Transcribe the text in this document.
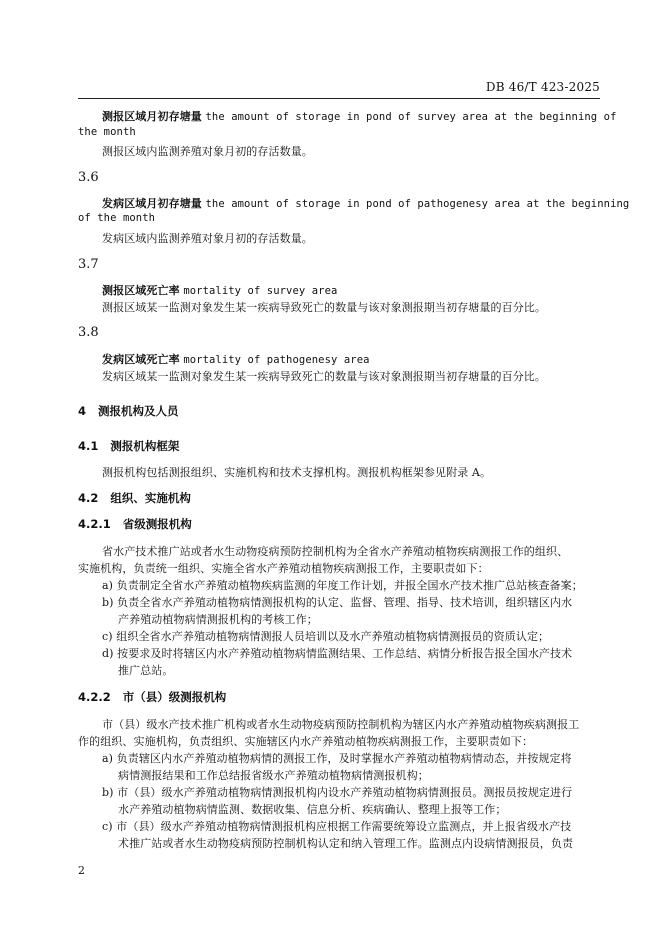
DB 46/T 423-2025
测报区域月初存塘量 the amount of storage in pond of survey area at the beginning of
the month
测报区域内监测养殖对象月初的存活数量。
3.6
发病区域月初存塘量 the amount of storage in pond of pathogenesy area at the beginning
of the month
发病区域内监测养殖对象月初的存活数量。
3.7
测报区域死亡率 mortality of survey area
测报区域某一监测对象发生某一疾病导致死亡的数量与该对象测报期当初存塘量的百分比。
3.8
发病区域死亡率 mortality of pathogenesy area
发病区域某一监测对象发生某一疾病导致死亡的数量与该对象测报期当初存塘量的百分比。
4 测报机构及人员
4.1 测报机构框架
测报机构包括测报组织、实施机构和技术支撑机构。测报机构框架参见附录 A。
4.2 组织、实施机构
4.2.1 省级测报机构
省水产技术推广站或者水生动物疫病预防控制机构为全省水产养殖动植物疾病测报工作的组织、
实施机构，负责统一组织、实施全省水产养殖动植物疾病测报工作，主要职责如下：
a) 负责制定全省水产养殖动植物疾病监测的年度工作计划，并报全国水产技术推广总站核查备案；
b) 负责全省水产养殖动植物病情测报机构的认定、监督、管理、指导、技术培训，组织辖区内水
产养殖动植物病情测报机构的考核工作；
c) 组织全省水产养殖动植物病情测报人员培训以及水产养殖动植物病情测报员的资质认定；
d) 按要求及时将辖区内水产养殖动植物病情监测结果、工作总结、病情分析报告报全国水产技术
推广总站。
4.2.2 市（县）级测报机构
市（县）级水产技术推广机构或者水生动物疫病预防控制机构为辖区内水产养殖动植物疾病测报工
作的组织、实施机构，负责组织、实施辖区内水产养殖动植物疾病测报工作，主要职责如下：
a) 负责辖区内水产养殖动植物病情的测报工作，及时掌握水产养殖动植物病情动态，并按规定将
病情测报结果和工作总结报省级水产养殖动植物病情测报机构；
b) 市（县）级水产养殖动植物病情测报机构内设水产养殖动植物病情测报员。测报员按规定进行
水产养殖动植物病情监测、数据收集、信息分析、疾病确认、整理上报等工作；
c) 市（县）级水产养殖动植物病情测报机构应根据工作需要统筹设立监测点，并上报省级水产技
术推广站或者水生动物疫病预防控制机构认定和纳入管理工作。监测点内设病情测报员，负责
2
